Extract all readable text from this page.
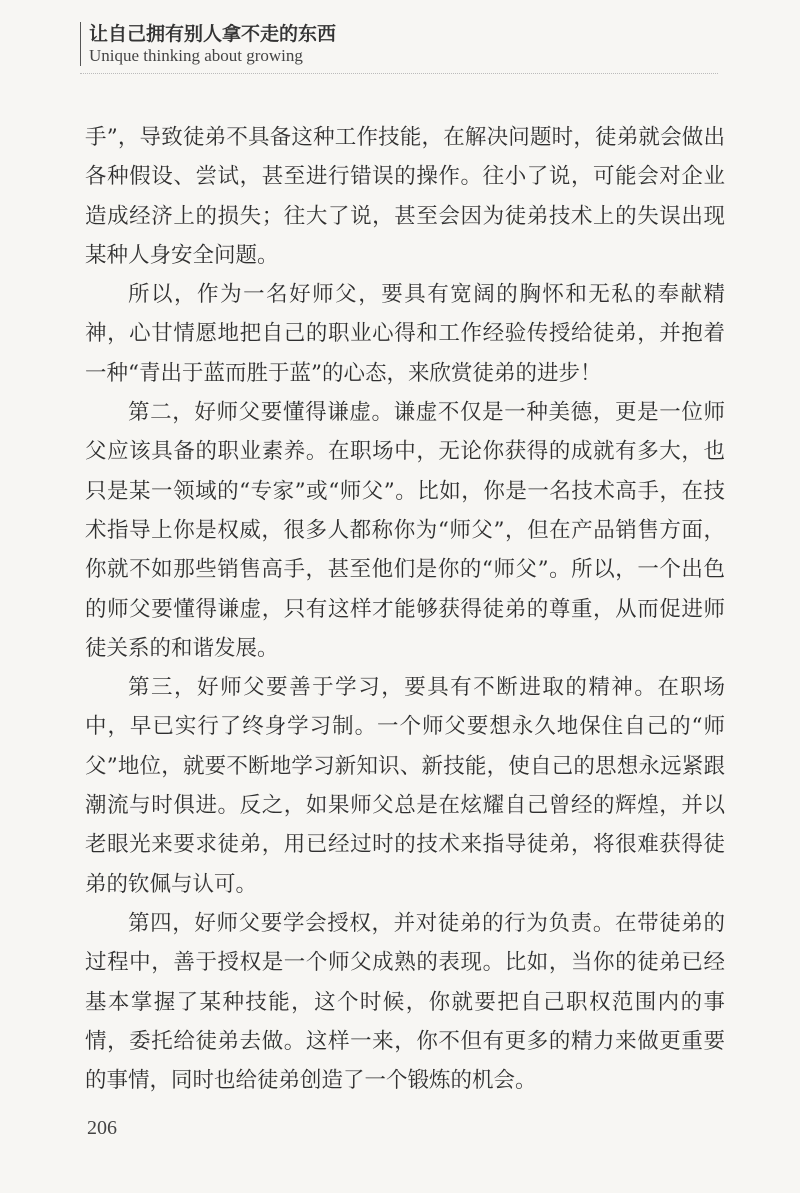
让自己拥有别人拿不走的东西
Unique thinking about growing

手”，导致徒弟不具备这种工作技能，在解决问题时，徒弟就会做出各种假设、尝试，甚至进行错误的操作。往小了说，可能会对企业造成经济上的损失；往大了说，甚至会因为徒弟技术上的失误出现某种人身安全问题。

所以，作为一名好师父，要具有宽阔的胸怀和无私的奉献精神，心甘情愿地把自己的职业心得和工作经验传授给徒弟，并抱着一种“青出于蓝而胜于蓝”的心态，来欣赏徒弟的进步！

第二，好师父要懂得谦虚。谦虚不仅是一种美德，更是一位师父应该具备的职业素养。在职场中，无论你获得的成就有多大，也只是某一领域的“专家”或“师父”。比如，你是一名技术高手，在技术指导上你是权威，很多人都称你为“师父”，但在产品销售方面，你就不如那些销售高手，甚至他们是你的“师父”。所以，一个出色的师父要懂得谦虚，只有这样才能够获得徒弟的尊重，从而促进师徒关系的和谐发展。

第三，好师父要善于学习，要具有不断进取的精神。在职场中，早已实行了终身学习制。一个师父要想永久地保住自己的“师父”地位，就要不断地学习新知识、新技能，使自己的思想永远紧跟潮流与时俱进。反之，如果师父总是在炫耀自己曾经的辉煌，并以老眼光来要求徒弟，用已经过时的技术来指导徒弟，将很难获得徒弟的钦佩与认可。

第四，好师父要学会授权，并对徒弟的行为负责。在带徒弟的过程中，善于授权是一个师父成熟的表现。比如，当你的徒弟已经基本掌握了某种技能，这个时候，你就要把自己职权范围内的事情，委托给徒弟去做。这样一来，你不但有更多的精力来做更重要的事情，同时也给徒弟创造了一个锻炼的机会。

206
